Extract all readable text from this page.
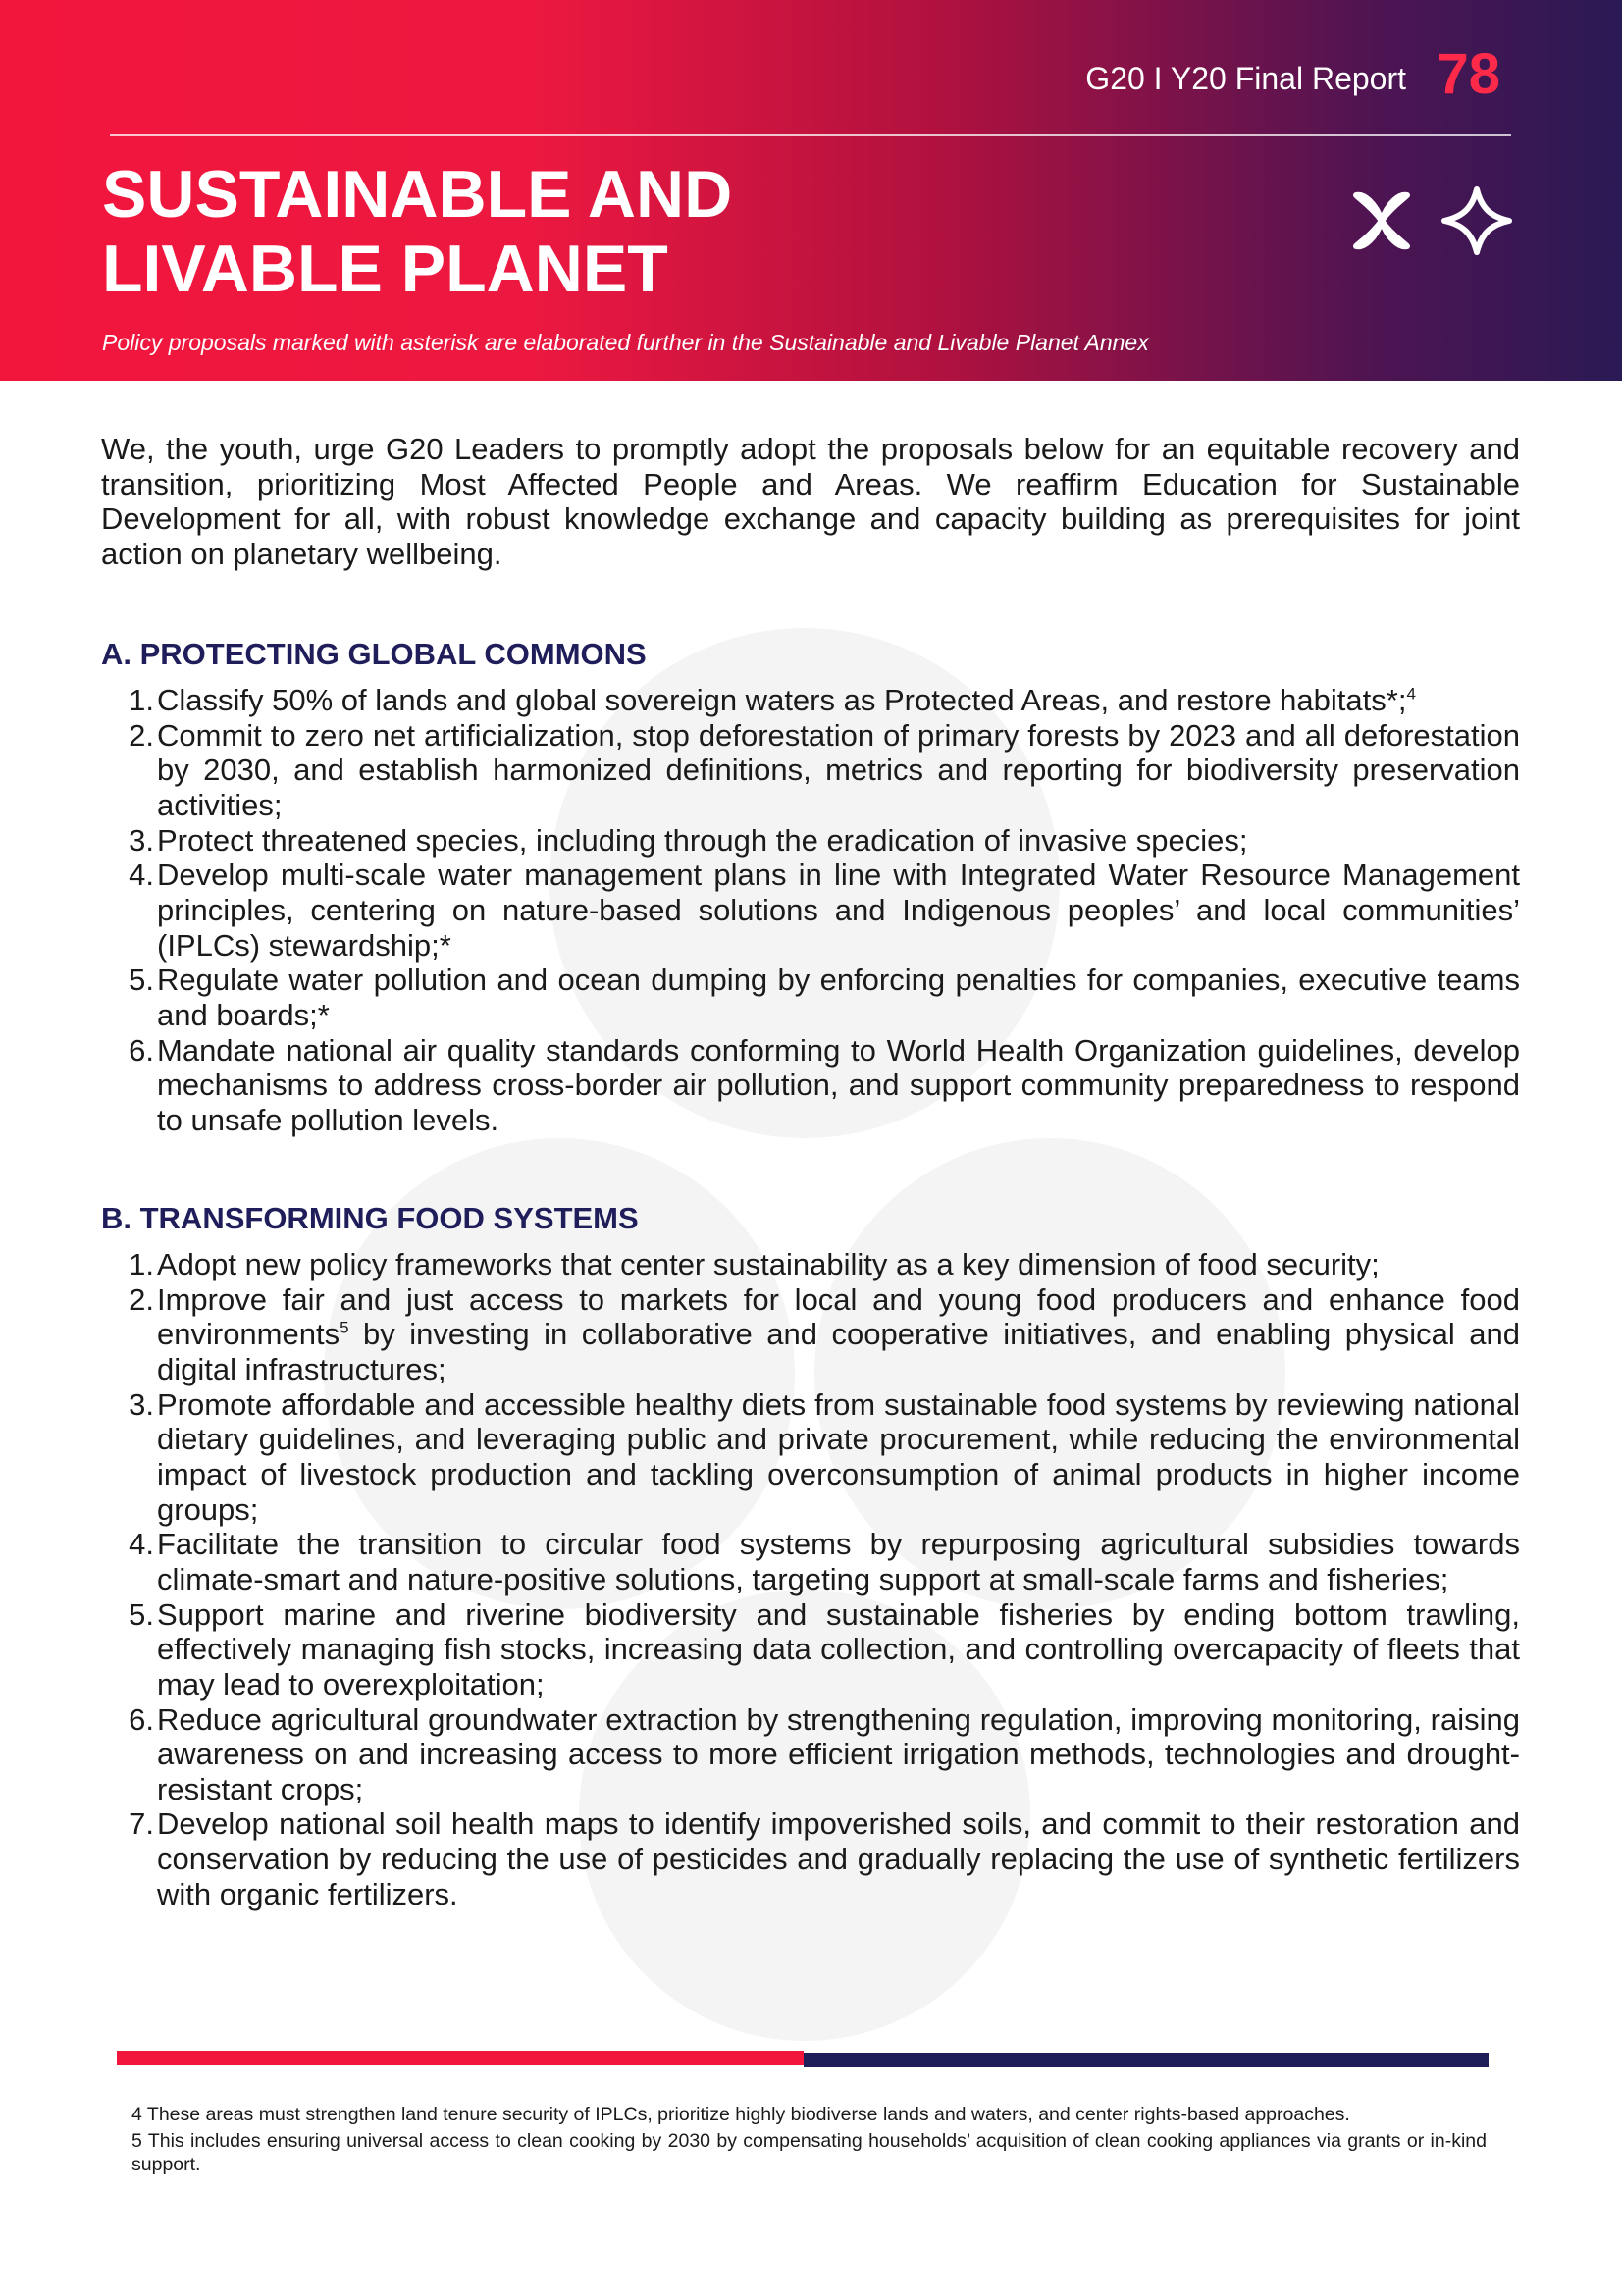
G20 I Y20 Final Report 78
SUSTAINABLE AND
LIVABLE PLANET
Policy proposals marked with asterisk are elaborated further in the Sustainable and Livable Planet Annex

We, the youth, urge G20 Leaders to promptly adopt the proposals below for an equitable recovery and transition, prioritizing Most Affected People and Areas. We reaffirm Education for Sustainable Development for all, with robust knowledge exchange and capacity building as prerequisites for joint action on planetary wellbeing.

A. PROTECTING GLOBAL COMMONS
1. Classify 50% of lands and global sovereign waters as Protected Areas, and restore habitats*;$^4$
2. Commit to zero net artificialization, stop deforestation of primary forests by 2023 and all deforestation by 2030, and establish harmonized definitions, metrics and reporting for biodiversity preservation activities;
3. Protect threatened species, including through the eradication of invasive species;
4. Develop multi-scale water management plans in line with Integrated Water Resource Management principles, centering on nature-based solutions and Indigenous peoples’ and local communities’ (IPLCs) stewardship;*
5. Regulate water pollution and ocean dumping by enforcing penalties for companies, executive teams and boards;*
6. Mandate national air quality standards conforming to World Health Organization guidelines, develop mechanisms to address cross-border air pollution, and support community preparedness to respond to unsafe pollution levels.
B. TRANSFORMING FOOD SYSTEMS
1. Adopt new policy frameworks that center sustainability as a key dimension of food security;
2. Improve fair and just access to markets for local and young food producers and enhance food environments$^5$ by investing in collaborative and cooperative initiatives, and enabling physical and digital infrastructures;
3. Promote affordable and accessible healthy diets from sustainable food systems by reviewing national dietary guidelines, and leveraging public and private procurement, while reducing the environmental impact of livestock production and tackling overconsumption of animal products in higher income groups;
4. Facilitate the transition to circular food systems by repurposing agricultural subsidies towards climate-smart and nature-positive solutions, targeting support at small-scale farms and fisheries;
5. Support marine and riverine biodiversity and sustainable fisheries by ending bottom trawling, effectively managing fish stocks, increasing data collection, and controlling overcapacity of fleets that may lead to overexploitation;
6. Reduce agricultural groundwater extraction by strengthening regulation, improving monitoring, raising awareness on and increasing access to more efficient irrigation methods, technologies and drought-resistant crops;
7. Develop national soil health maps to identify impoverished soils, and commit to their restoration and conservation by reducing the use of pesticides and gradually replacing the use of synthetic fertilizers with organic fertilizers.

4 These areas must strengthen land tenure security of IPLCs, prioritize highly biodiverse lands and waters, and center rights-based approaches.

5 This includes ensuring universal access to clean cooking by 2030 by compensating households’ acquisition of clean cooking appliances via grants or in-kind support.
